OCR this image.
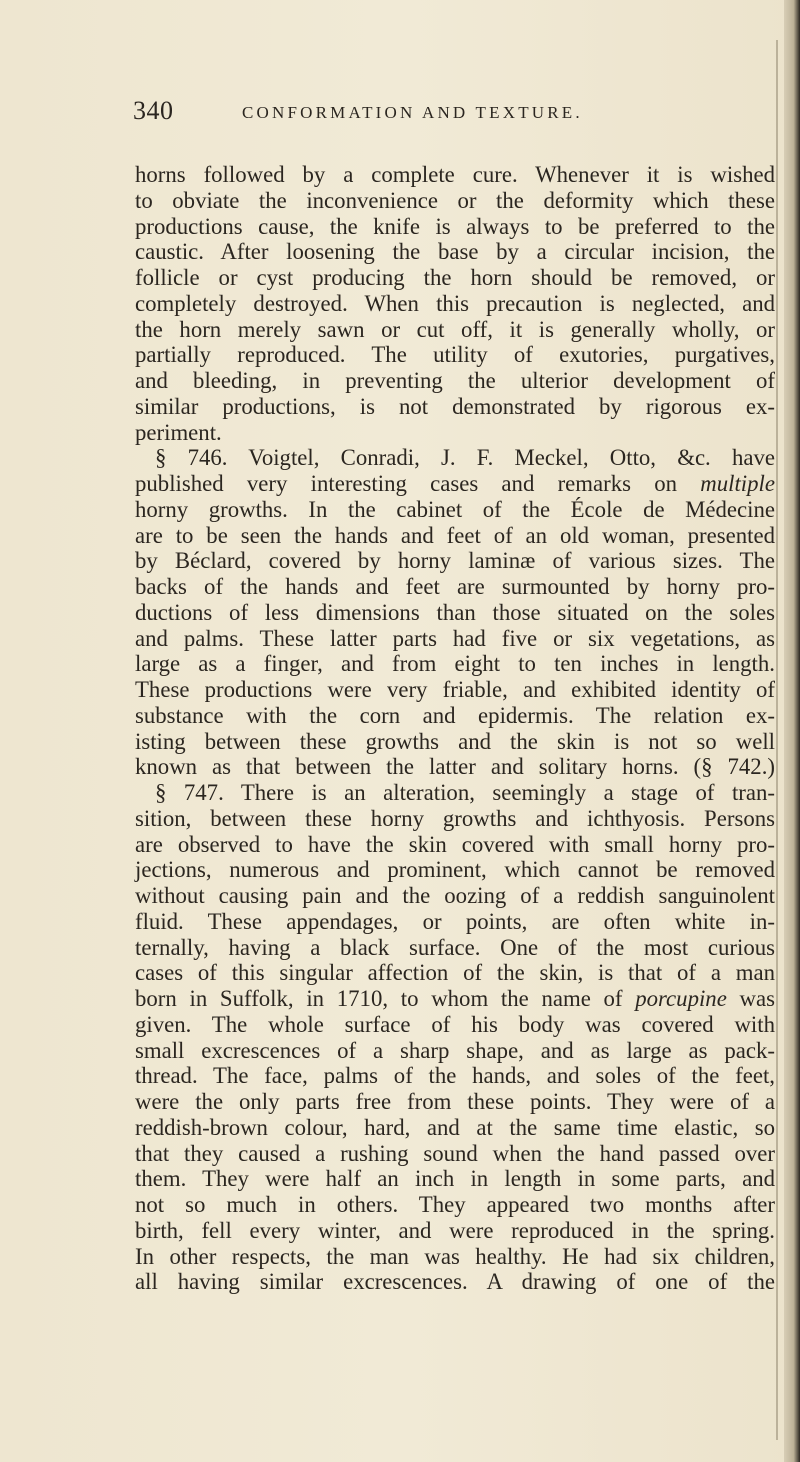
340	CONFORMATION AND TEXTURE.
horns followed by a complete cure. Whenever it is wished
to obviate the inconvenience or the deformity which these
productions cause, the knife is always to be preferred to the
caustic. After loosening the base by a circular incision, the
follicle or cyst producing the horn should be removed, or
completely destroyed. When this precaution is neglected, and
the horn merely sawn or cut off, it is generally wholly, or
partially reproduced. The utility of exutories, purgatives,
and bleeding, in preventing the ulterior development of
similar productions, is not demonstrated by rigorous ex-
periment.
§ 746. Voigtel, Conradi, J. F. Meckel, Otto, &c. have
published very interesting cases and remarks on multiple
horny growths. In the cabinet of the École de Médecine
are to be seen the hands and feet of an old woman, presented
by Béclard, covered by horny laminæ of various sizes. The
backs of the hands and feet are surmounted by horny pro-
ductions of less dimensions than those situated on the soles
and palms. These latter parts had five or six vegetations, as
large as a finger, and from eight to ten inches in length.
These productions were very friable, and exhibited identity of
substance with the corn and epidermis. The relation ex-
isting between these growths and the skin is not so well
known as that between the latter and solitary horns. (§ 742.)
§ 747. There is an alteration, seemingly a stage of tran-
sition, between these horny growths and ichthyosis. Persons
are observed to have the skin covered with small horny pro-
jections, numerous and prominent, which cannot be removed
without causing pain and the oozing of a reddish sanguinolent
fluid. These appendages, or points, are often white in-
ternally, having a black surface. One of the most curious
cases of this singular affection of the skin, is that of a man
born in Suffolk, in 1710, to whom the name of porcupine was
given. The whole surface of his body was covered with
small excrescences of a sharp shape, and as large as pack-
thread. The face, palms of the hands, and soles of the feet,
were the only parts free from these points. They were of a
reddish-brown colour, hard, and at the same time elastic, so
that they caused a rushing sound when the hand passed over
them. They were half an inch in length in some parts, and
not so much in others. They appeared two months after
birth, fell every winter, and were reproduced in the spring.
In other respects, the man was healthy. He had six children,
all having similar excrescences. A drawing of one of the
